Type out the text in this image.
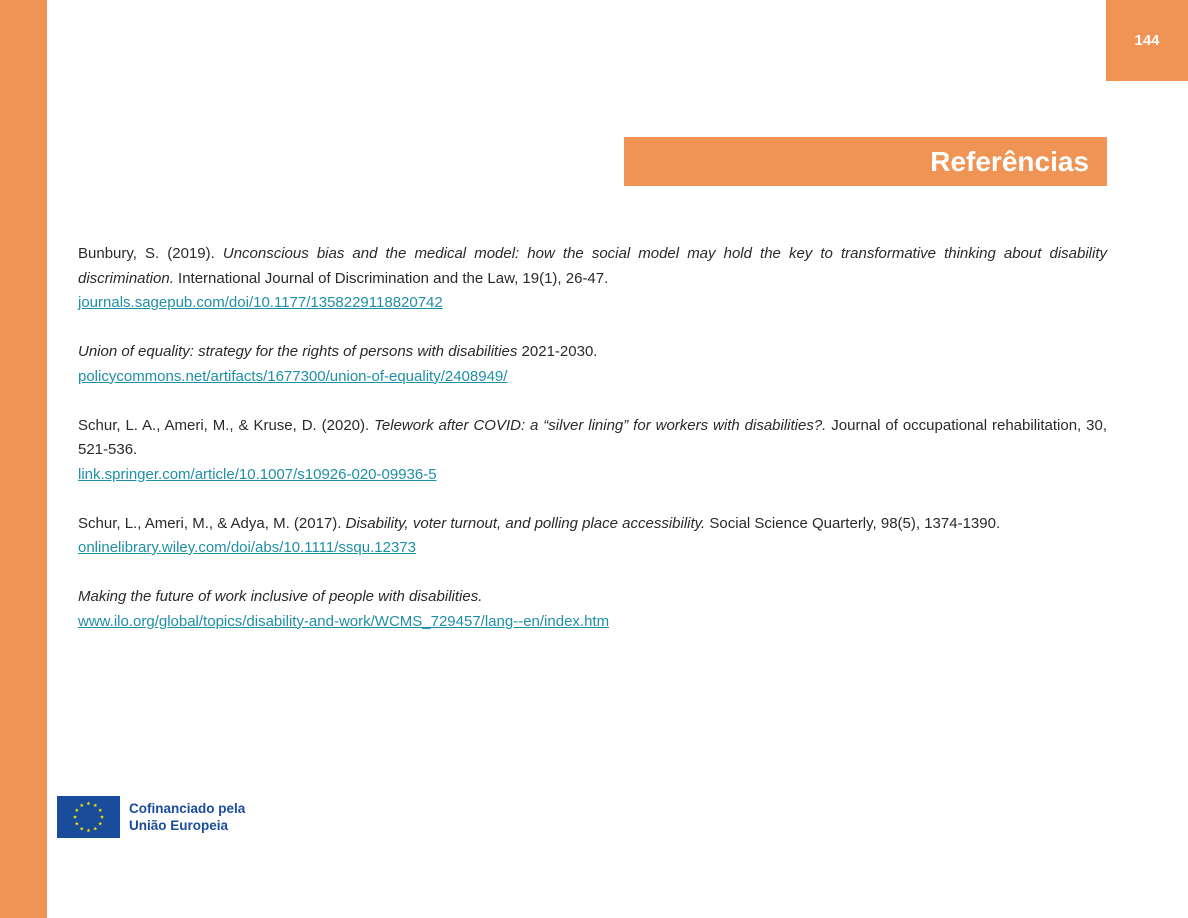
144
Referências

Bunbury, S. (2019). Unconscious bias and the medical model: how the social model may hold the key to transformative thinking about disability discrimination. International Journal of Discrimination and the Law, 19(1), 26-47.

journals.sagepub.com/doi/10.1177/1358229118820742

Union of equality: strategy for the rights of persons with disabilities 2021-2030.

policycommons.net/artifacts/1677300/union-of-equality/2408949/

Schur, L. A., Ameri, M., & Kruse, D. (2020). Telework after COVID: a “silver lining” for workers with disabilities?. Journal of occupational rehabilitation, 30, 521-536.

link.springer.com/article/10.1007/s10926-020-09936-5

Schur, L., Ameri, M., & Adya, M. (2017). Disability, voter turnout, and polling place accessibility. Social Science Quarterly, 98(5), 1374-1390.

onlinelibrary.wiley.com/doi/abs/10.1111/ssqu.12373

Making the future of work inclusive of people with disabilities.

www.ilo.org/global/topics/disability-and-work/WCMS_729457/lang--en/index.htm
Cofinanciado pela
União Europeia
